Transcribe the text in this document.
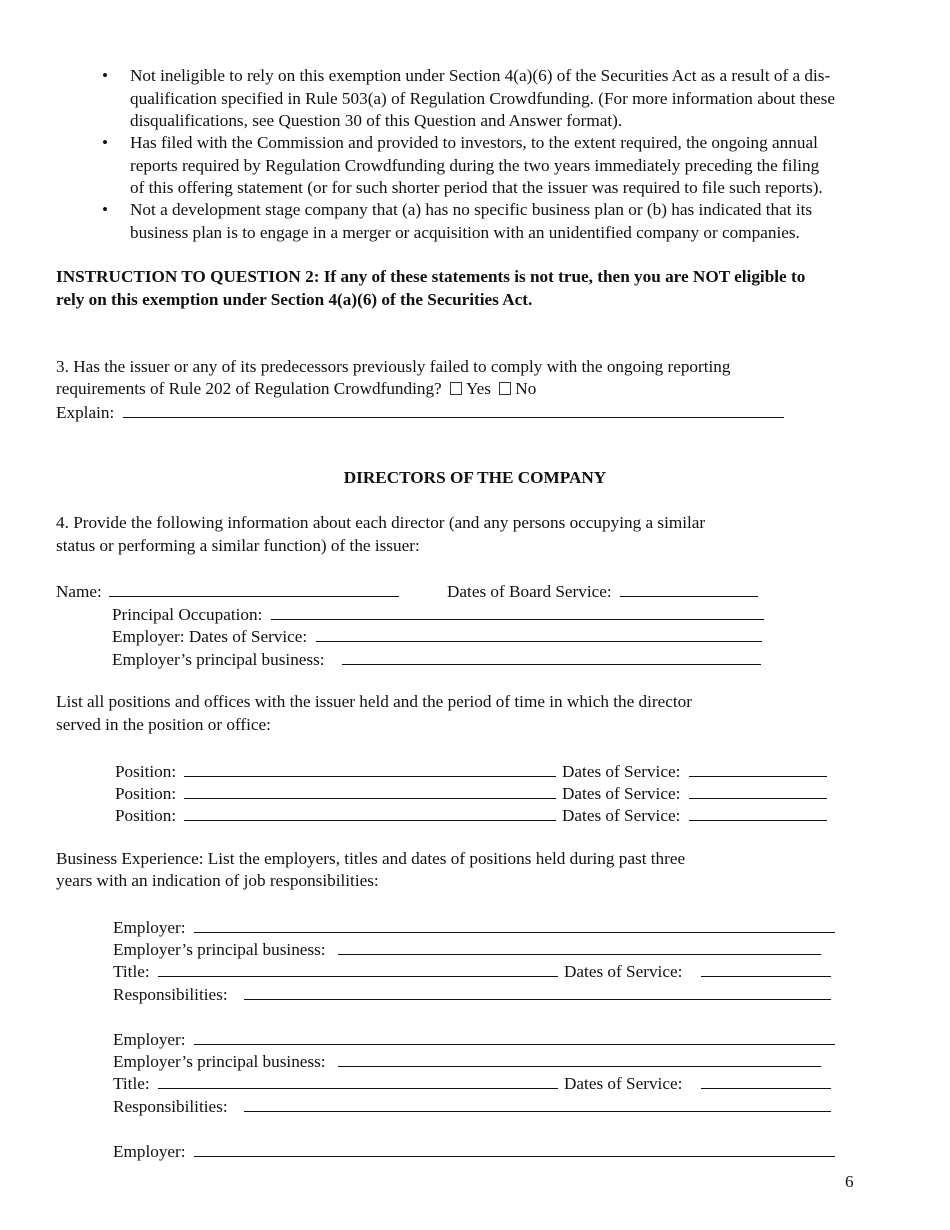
• Not ineligible to rely on this exemption under Section 4(a)(6) of the Securities Act as a result of a dis-
qualification specified in Rule 503(a) of Regulation Crowdfunding. (For more information about these
disqualifications, see Question 30 of this Question and Answer format).
• Has filed with the Commission and provided to investors, to the extent required, the ongoing annual
reports required by Regulation Crowdfunding during the two years immediately preceding the filing
of this offering statement (or for such shorter period that the issuer was required to file such reports).
• Not a development stage company that (a) has no specific business plan or (b) has indicated that its
business plan is to engage in a merger or acquisition with an unidentified company or companies.
INSTRUCTION TO QUESTION 2: If any of these statements is not true, then you are NOT eligible to
rely on this exemption under Section 4(a)(6) of the Securities Act.
3. Has the issuer or any of its predecessors previously failed to comply with the ongoing reporting
requirements of Rule 202 of Regulation Crowdfunding? Yes No
Explain:
DIRECTORS OF THE COMPANY
4. Provide the following information about each director (and any persons occupying a similar
status or performing a similar function) of the issuer:
Name:	Dates of Board Service:
Principal Occupation:
Employer: Dates of Service:
Employer’s principal business:
List all positions and offices with the issuer held and the period of time in which the director
served in the position or office:
Position:	Dates of Service:
Position:	Dates of Service:
Position:	Dates of Service:
Business Experience: List the employers, titles and dates of positions held during past three
years with an indication of job responsibilities:
Employer:
Employer’s principal business:
Title:	Dates of Service:
Responsibilities:
Employer:
Employer’s principal business:
Title:	Dates of Service:
Responsibilities:
Employer:
6
